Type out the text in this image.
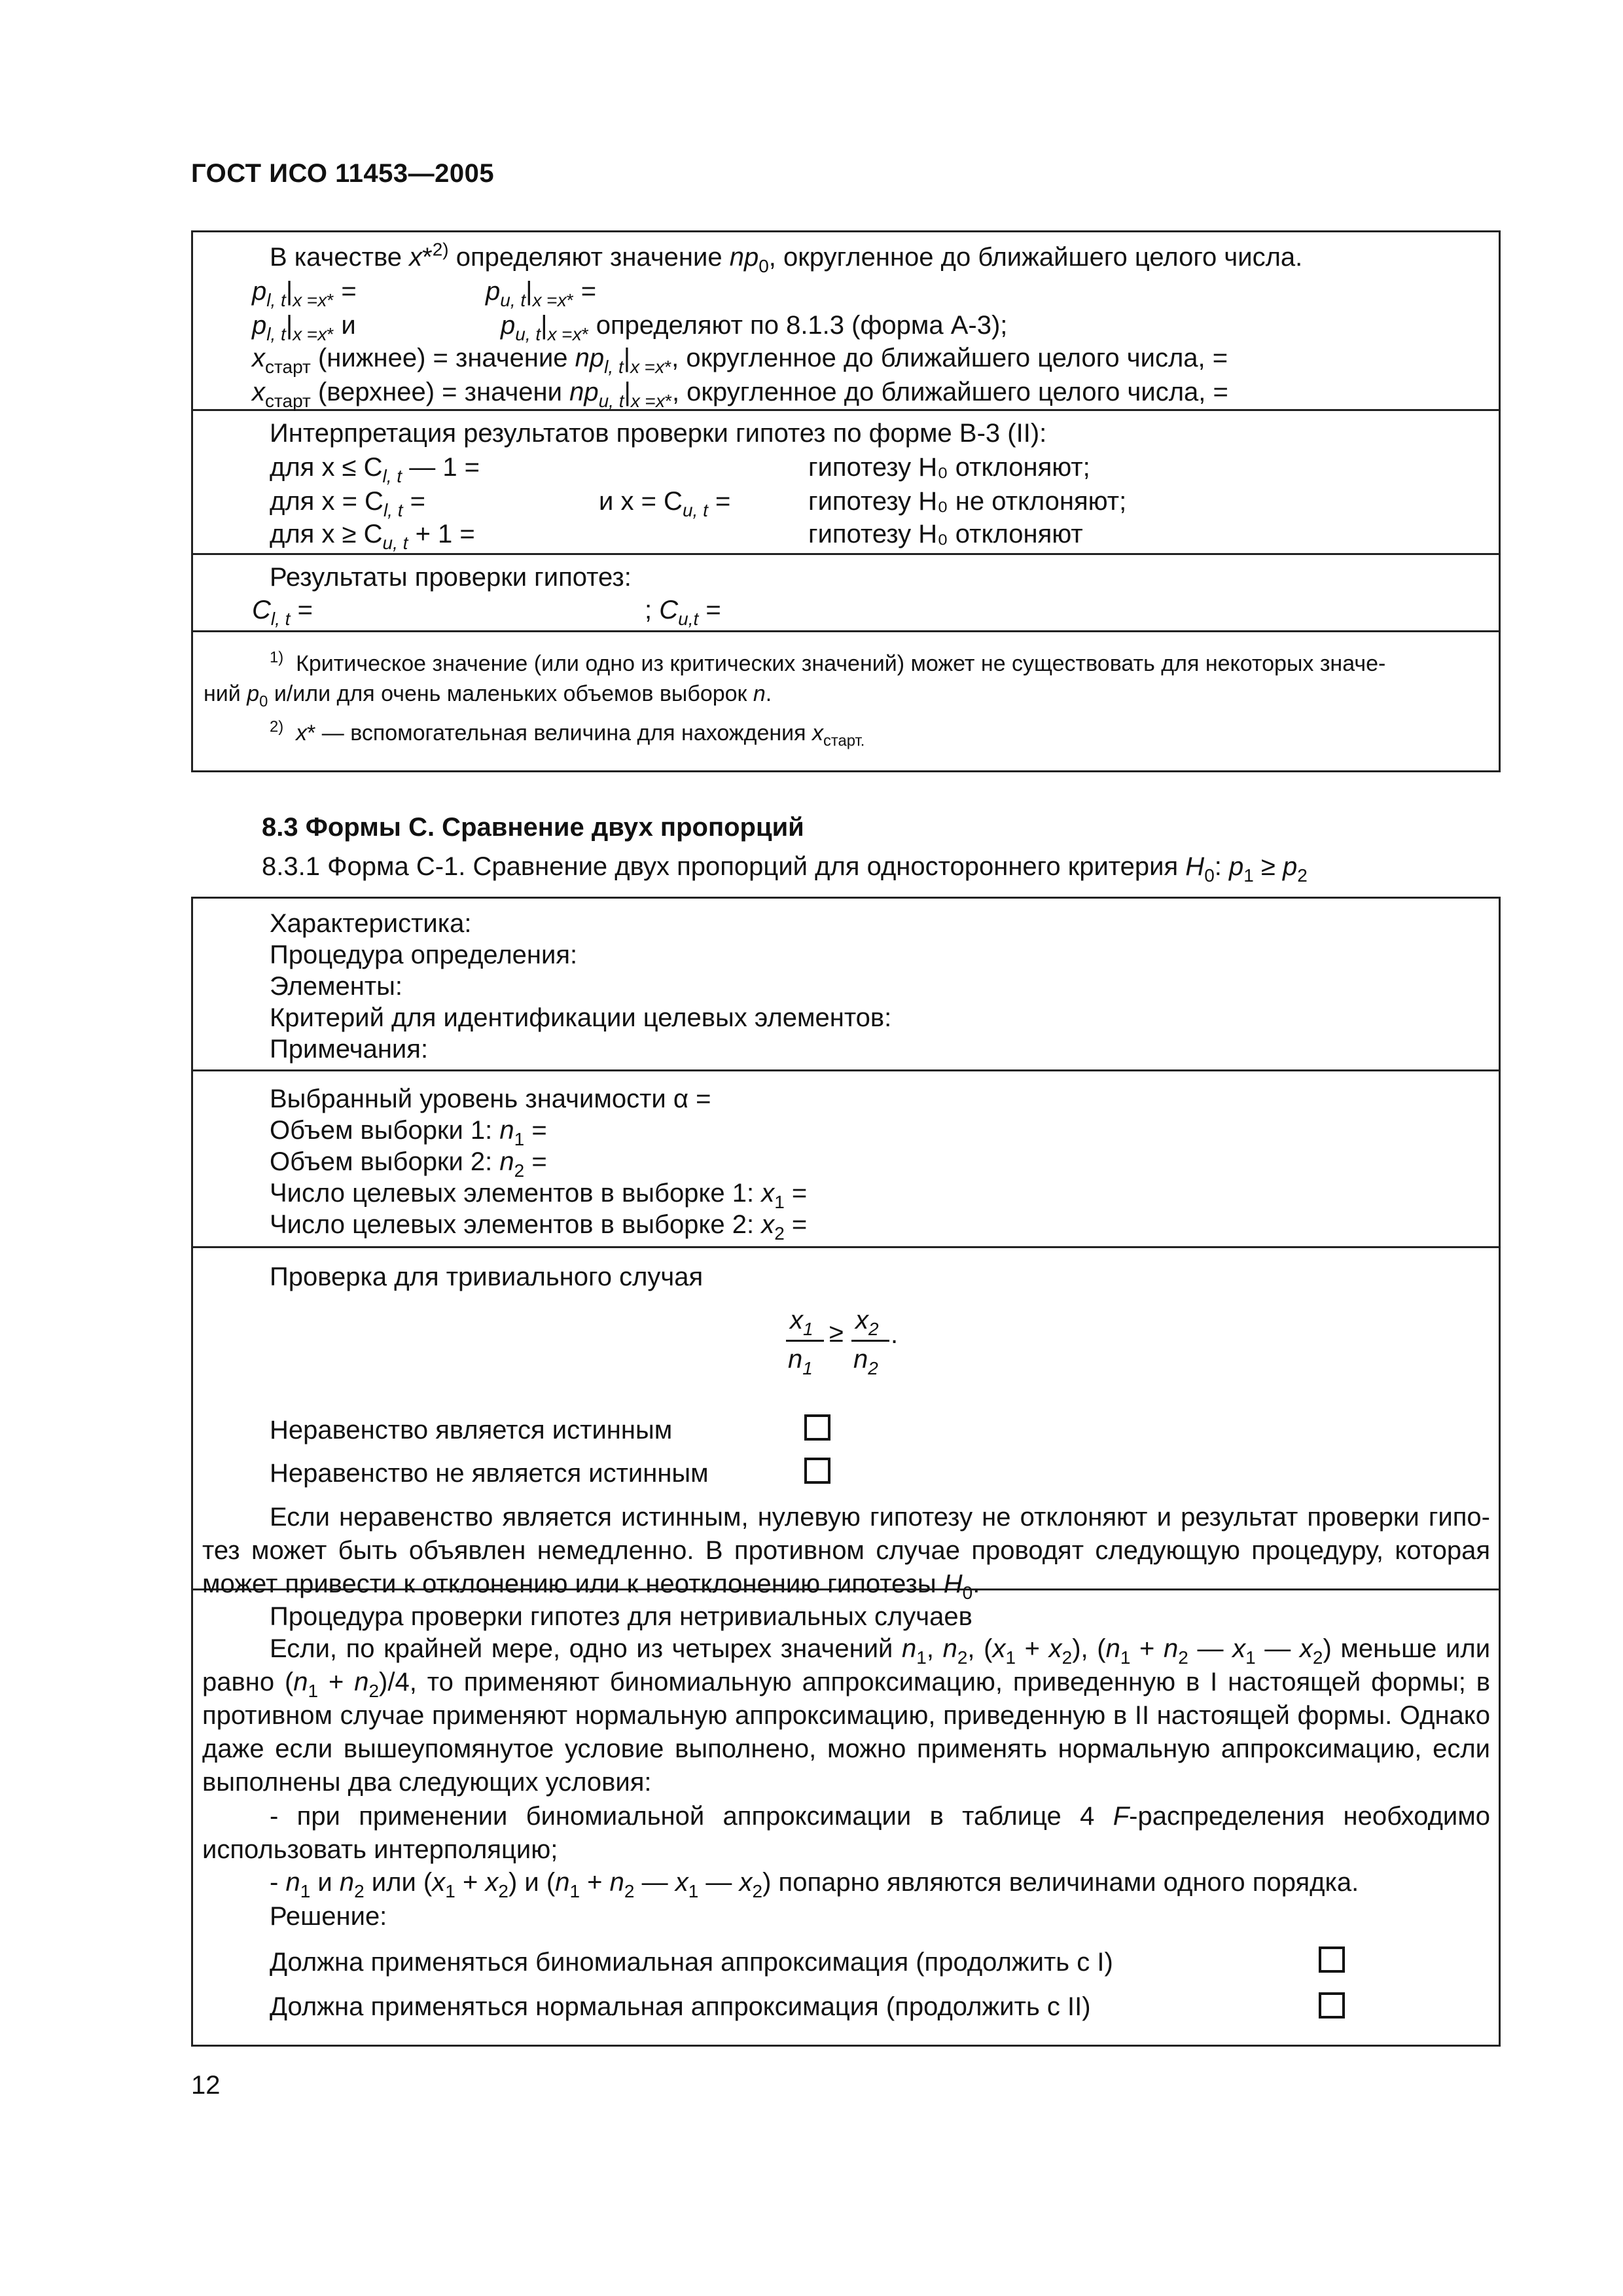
ГОСТ ИСО 11453—2005
В качестве x*$^{2)}$ определяют значение $np_0$, округленное до ближайшего целого числа.
$p_{l, t}|_{x =x*}$ =	$p_{u, t}|_{x =x*}$ =
$p_{l, t}|_{x =x*}$ и	$p_{u, t}|_{x =x*}$ определяют по 8.1.3 (форма А-3);
$x_{старт}$ (нижнее) = значение $np_{l, t}|_{x =x*}$, округленное до ближайшего целого числа, =
$x_{старт}$ (верхнее) = значени $np_{u, t}|_{x =x*}$, округленное до ближайшего целого числа, =
Интерпретация результатов проверки гипотез по форме В-3 (II):
для $x \le C_{l, t}$ — 1 =	гипотезу H₀ отклоняют;
для $x = C_{l, t}$ =	и $x = C_{u, t}$ =	гипотезу H₀ не отклоняют;
для $x \ge C_{u, t} + 1$ =	гипотезу H₀ отклоняют
Результаты проверки гипотез:
$C_{l, t}$ =	; $C_{u,t}$ =
$^{1)}$ Критическое значение (или одно из критических значений) может не существовать для некоторых значе-
ний $p_0$ и/или для очень маленьких объемов выборок n.
$^{2)}$ x* — вспомогательная величина для нахождения $x_{старт.}$
8.3 Формы С. Сравнение двух пропорций
8.3.1 Форма С-1. Сравнение двух пропорций для одностороннего критерия $H_0$: $p_1 \ge p_2$
Характеристика:
Процедура определения:
Элементы:
Критерий для идентификации целевых элементов:
Примечания:
Выбранный уровень значимости α =
Объем выборки 1: $n_1$ =
Объем выборки 2: $n_2$ =
Число целевых элементов в выборке 1: $x_1$ =
Число целевых элементов в выборке 2: $x_2$ =
Проверка для тривиального случая
$x_1$
$n_1$
≥ $x_2$
$n_2$
.
Неравенство является истинным
Неравенство не является истинным
Если неравенство является истинным, нулевую гипотезу не отклоняют и результат проверки гипо-тез может быть объявлен немедленно. В противном случае проводят следующую процедуру, которая может привести к отклонению или к неотклонению гипотезы $H_0$.
Процедура проверки гипотез для нетривиальных случаев
Если, по крайней мере, одно из четырех значений $n_1$, $n_2$, $(x_1 + x_2)$, ($n_1 + n_2$ — $x_1$ — $x_2$) меньше или равно $(n_1 + n_2)/4$, то применяют биномиальную аппроксимацию, приведенную в I настоящей формы; в противном случае применяют нормальную аппроксимацию, приведенную в II настоящей формы. Однако даже если вышеупомянутое условие выполнено, можно применять нормальную аппроксимацию, если выполнены два следующих условия:
- при применении биномиальной аппроксимации в таблице 4 F-распределения необходимо использовать интерполяцию;
- $n_1$ и $n_2$ или $(x_1 + x_2)$ и ($n_1 + n_2$ — $x_1$ — $x_2$) попарно являются величинами одного порядка.
Решение:
Должна применяться биномиальная аппроксимация (продолжить с I)
Должна применяться нормальная аппроксимация (продолжить с II)
12
